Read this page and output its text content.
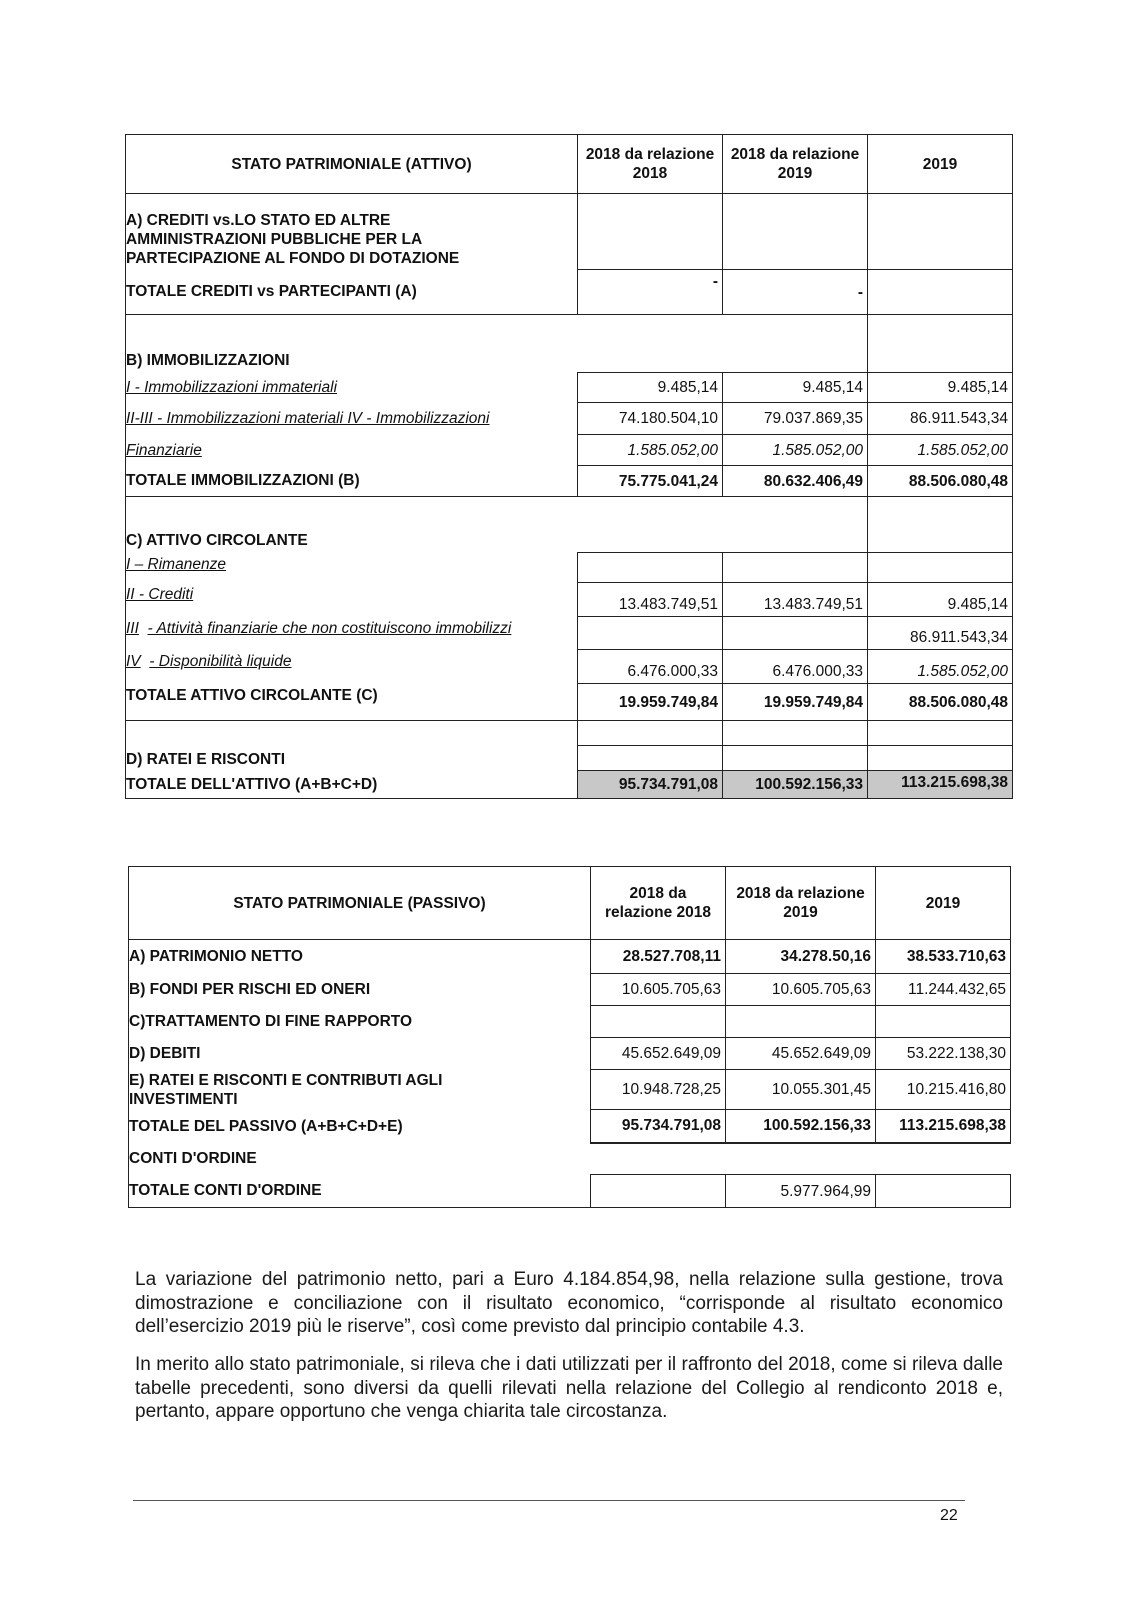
STATO PATRIMONIALE (ATTIVO)	2018 da relazione 2018	2018 da relazione 2019	2019
A) CREDITI vs.LO STATO ED ALTRE
AMMINISTRAZIONI PUBBLICHE PER LA
PARTECIPAZIONE AL FONDO DI DOTAZIONE			
TOTALE CREDITI vs PARTECIPANTI (A)	-	-	
B) IMMOBILIZZAZIONI			
I - Immobilizzazioni immateriali	9.485,14	9.485,14	9.485,14
II-III - Immobilizzazioni materiali IV - Immobilizzazioni	74.180.504,10	79.037.869,35	86.911.543,34
Finanziarie	1.585.052,00	1.585.052,00	1.585.052,00
TOTALE IMMOBILIZZAZIONI (B)	75.775.041,24	80.632.406,49	88.506.080,48
C) ATTIVO CIRCOLANTE			
I – Rimanenze			
II - Crediti	13.483.749,51	13.483.749,51	9.485,14
III - Attività finanziarie che non costituiscono immobilizzi			86.911.543,34
IV - Disponibilità liquide	6.476.000,33	6.476.000,33	1.585.052,00
TOTALE ATTIVO CIRCOLANTE (C)	19.959.749,84	19.959.749,84	88.506.080,48

D) RATEI E RISCONTI			
TOTALE DELL'ATTIVO (A+B+C+D)	95.734.791,08	100.592.156,33	113.215.698,38
STATO PATRIMONIALE (PASSIVO)	2018 da relazione 2018	2018 da relazione 2019	2019
A) PATRIMONIO NETTO	28.527.708,11	34.278.50,16	38.533.710,63
B) FONDI PER RISCHI ED ONERI	10.605.705,63	10.605.705,63	11.244.432,65
C)TRATTAMENTO DI FINE RAPPORTO			
D) DEBITI	45.652.649,09	45.652.649,09	53.222.138,30
E) RATEI E RISCONTI E CONTRIBUTI AGLI
INVESTIMENTI	10.948.728,25	10.055.301,45	10.215.416,80
TOTALE DEL PASSIVO (A+B+C+D+E)	95.734.791,08	100.592.156,33	113.215.698,38
CONTI D'ORDINE			
TOTALE CONTI D'ORDINE		5.977.964,99	

La variazione del patrimonio netto, pari a Euro 4.184.854,98, nella relazione sulla gestione, trova dimostrazione e conciliazione con il risultato economico, “corrisponde al risultato economico dell’esercizio 2019 più le riserve”, così come previsto dal principio contabile 4.3.

In merito allo stato patrimoniale, si rileva che i dati utilizzati per il raffronto del 2018, come si rileva dalle tabelle precedenti, sono diversi da quelli rilevati nella relazione del Collegio al rendiconto 2018 e, pertanto, appare opportuno che venga chiarita tale circostanza.

22
